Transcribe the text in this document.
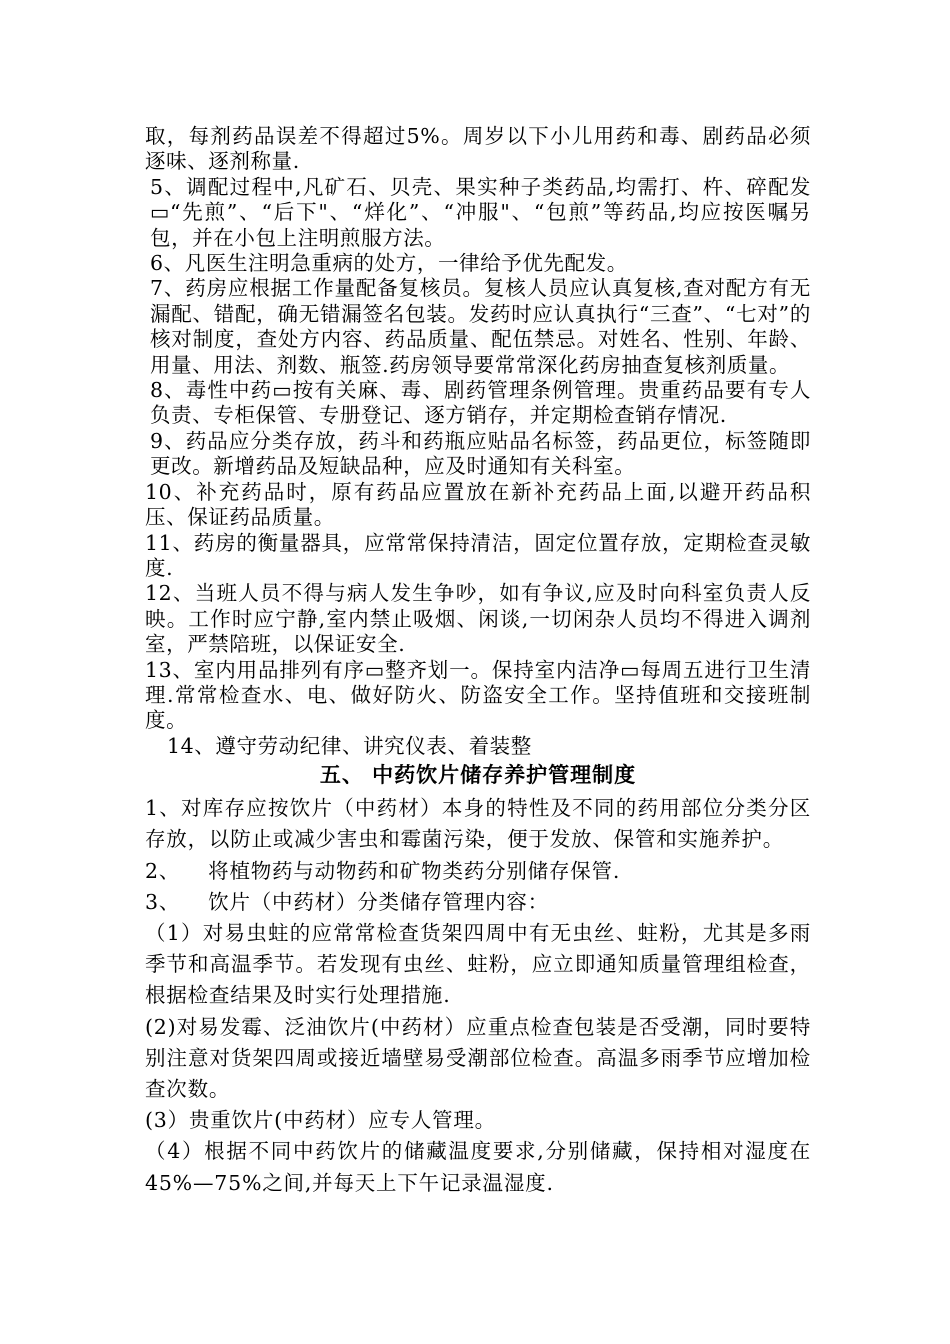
取，每剂药品误差不得超过5%。周岁以下小儿用药和毒、剧药品必须逐味、逐剂称量.

5、调配过程中,凡矿石、贝壳、果实种子类药品,均需打、杵、碎配发▭“先煎”、“后下"、“烊化”、“冲服"、“包煎”等药品,均应按医嘱另包，并在小包上注明煎服方法。

6、凡医生注明急重病的处方，一律给予优先配发。

7、药房应根据工作量配备复核员。复核人员应认真复核,查对配方有无漏配、错配，确无错漏签名包装。发药时应认真执行“三查”、“七对”的核对制度，查处方内容、药品质量、配伍禁忌。对姓名、性别、年龄、用量、用法、剂数、瓶签.药房领导要常常深化药房抽查复核剂质量。

8、毒性中药▭按有关麻、毒、剧药管理条例管理。贵重药品要有专人负责、专柜保管、专册登记、逐方销存，并定期检查销存情况.

9、药品应分类存放，药斗和药瓶应贴品名标签，药品更位，标签随即更改。新增药品及短缺品种，应及时通知有关科室。

10、补充药品时，原有药品应置放在新补充药品上面,以避开药品积压、保证药品质量。

11、药房的衡量器具，应常常保持清洁，固定位置存放，定期检查灵敏度.

12、当班人员不得与病人发生争吵，如有争议,应及时向科室负责人反映。工作时应宁静,室内禁止吸烟、闲谈,一切闲杂人员均不得进入调剂室，严禁陪班，以保证安全.

13、室内用品排列有序▭整齐划一。保持室内洁净▭每周五进行卫生清理.常常检查水、电、做好防火、防盗安全工作。坚持值班和交接班制度。

14、遵守劳动纪律、讲究仪表、着装整

五、 中药饮片储存养护管理制度

1、对库存应按饮片（中药材）本身的特性及不同的药用部位分类分区存放，以防止或减少害虫和霉菌污染，便于发放、保管和实施养护。

2、 将植物药与动物药和矿物类药分别储存保管.

3、 饮片（中药材）分类储存管理内容：

（1）对易虫蛀的应常常检查货架四周中有无虫丝、蛀粉，尤其是多雨季节和高温季节。若发现有虫丝、蛀粉，应立即通知质量管理组检查，根据检查结果及时实行处理措施.

(2)对易发霉、泛油饮片(中药材）应重点检查包装是否受潮，同时要特别注意对货架四周或接近墙壁易受潮部位检查。高温多雨季节应增加检查次数。

(3）贵重饮片(中药材）应专人管理。

（4）根据不同中药饮片的储藏温度要求,分别储藏，保持相对湿度在45%—75%之间,并每天上下午记录温湿度.
